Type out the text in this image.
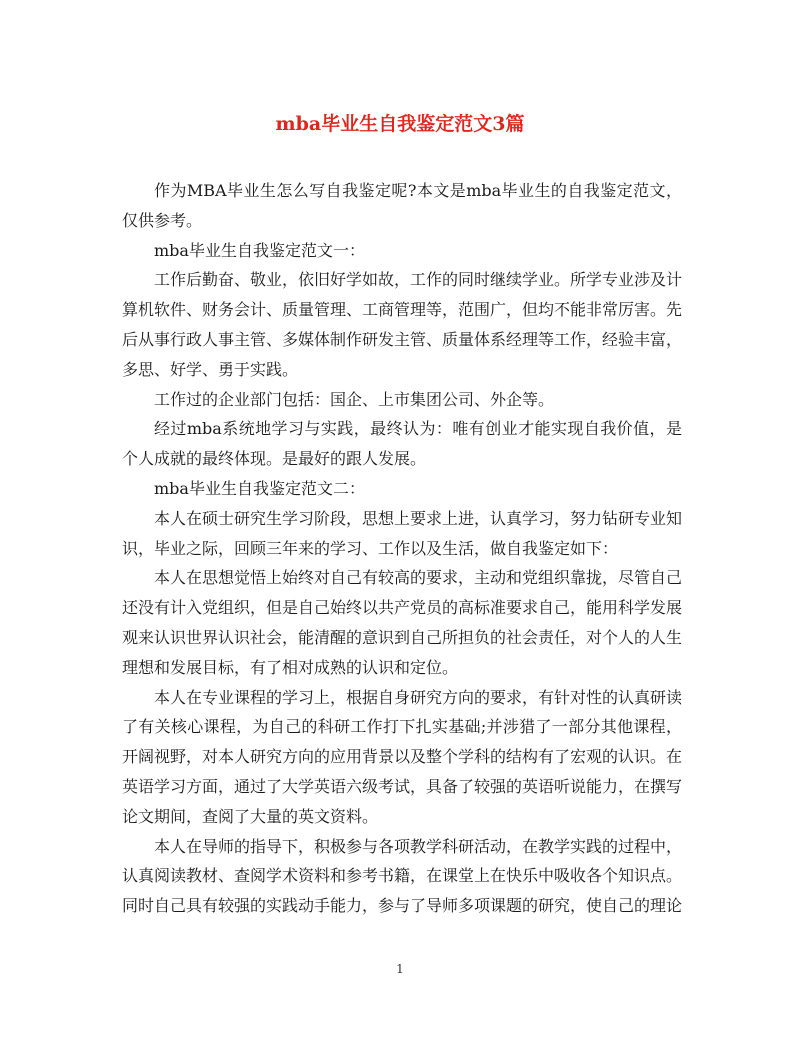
mba毕业生自我鉴定范文3篇

作为MBA毕业生怎么写自我鉴定呢?本文是mba毕业生的自我鉴定范文，仅供参考。

mba毕业生自我鉴定范文一：

工作后勤奋、敬业，依旧好学如故，工作的同时继续学业。所学专业涉及计算机软件、财务会计、质量管理、工商管理等，范围广，但均不能非常厉害。先后从事行政人事主管、多媒体制作研发主管、质量体系经理等工作，经验丰富，多思、好学、勇于实践。

工作过的企业部门包括：国企、上市集团公司、外企等。

经过mba系统地学习与实践，最终认为：唯有创业才能实现自我价值，是个人成就的最终体现。是最好的跟人发展。

mba毕业生自我鉴定范文二：

本人在硕士研究生学习阶段，思想上要求上进，认真学习，努力钻研专业知识，毕业之际，回顾三年来的学习、工作以及生活，做自我鉴定如下：

本人在思想觉悟上始终对自己有较高的要求，主动和党组织靠拢，尽管自己还没有计入党组织，但是自己始终以共产党员的高标准要求自己，能用科学发展观来认识世界认识社会，能清醒的意识到自己所担负的社会责任，对个人的人生理想和发展目标，有了相对成熟的认识和定位。

本人在专业课程的学习上，根据自身研究方向的要求，有针对性的认真研读了有关核心课程，为自己的科研工作打下扎实基础;并涉猎了一部分其他课程，开阔视野，对本人研究方向的应用背景以及整个学科的结构有了宏观的认识。在英语学习方面，通过了大学英语六级考试，具备了较强的英语听说能力，在撰写论文期间，查阅了大量的英文资料。

本人在导师的指导下，积极参与各项教学科研活动，在教学实践的过程中，认真阅读教材、查阅学术资料和参考书籍，在课堂上在快乐中吸收各个知识点。同时自己具有较强的实践动手能力，参与了导师多项课题的研究，使自己的理论

1
